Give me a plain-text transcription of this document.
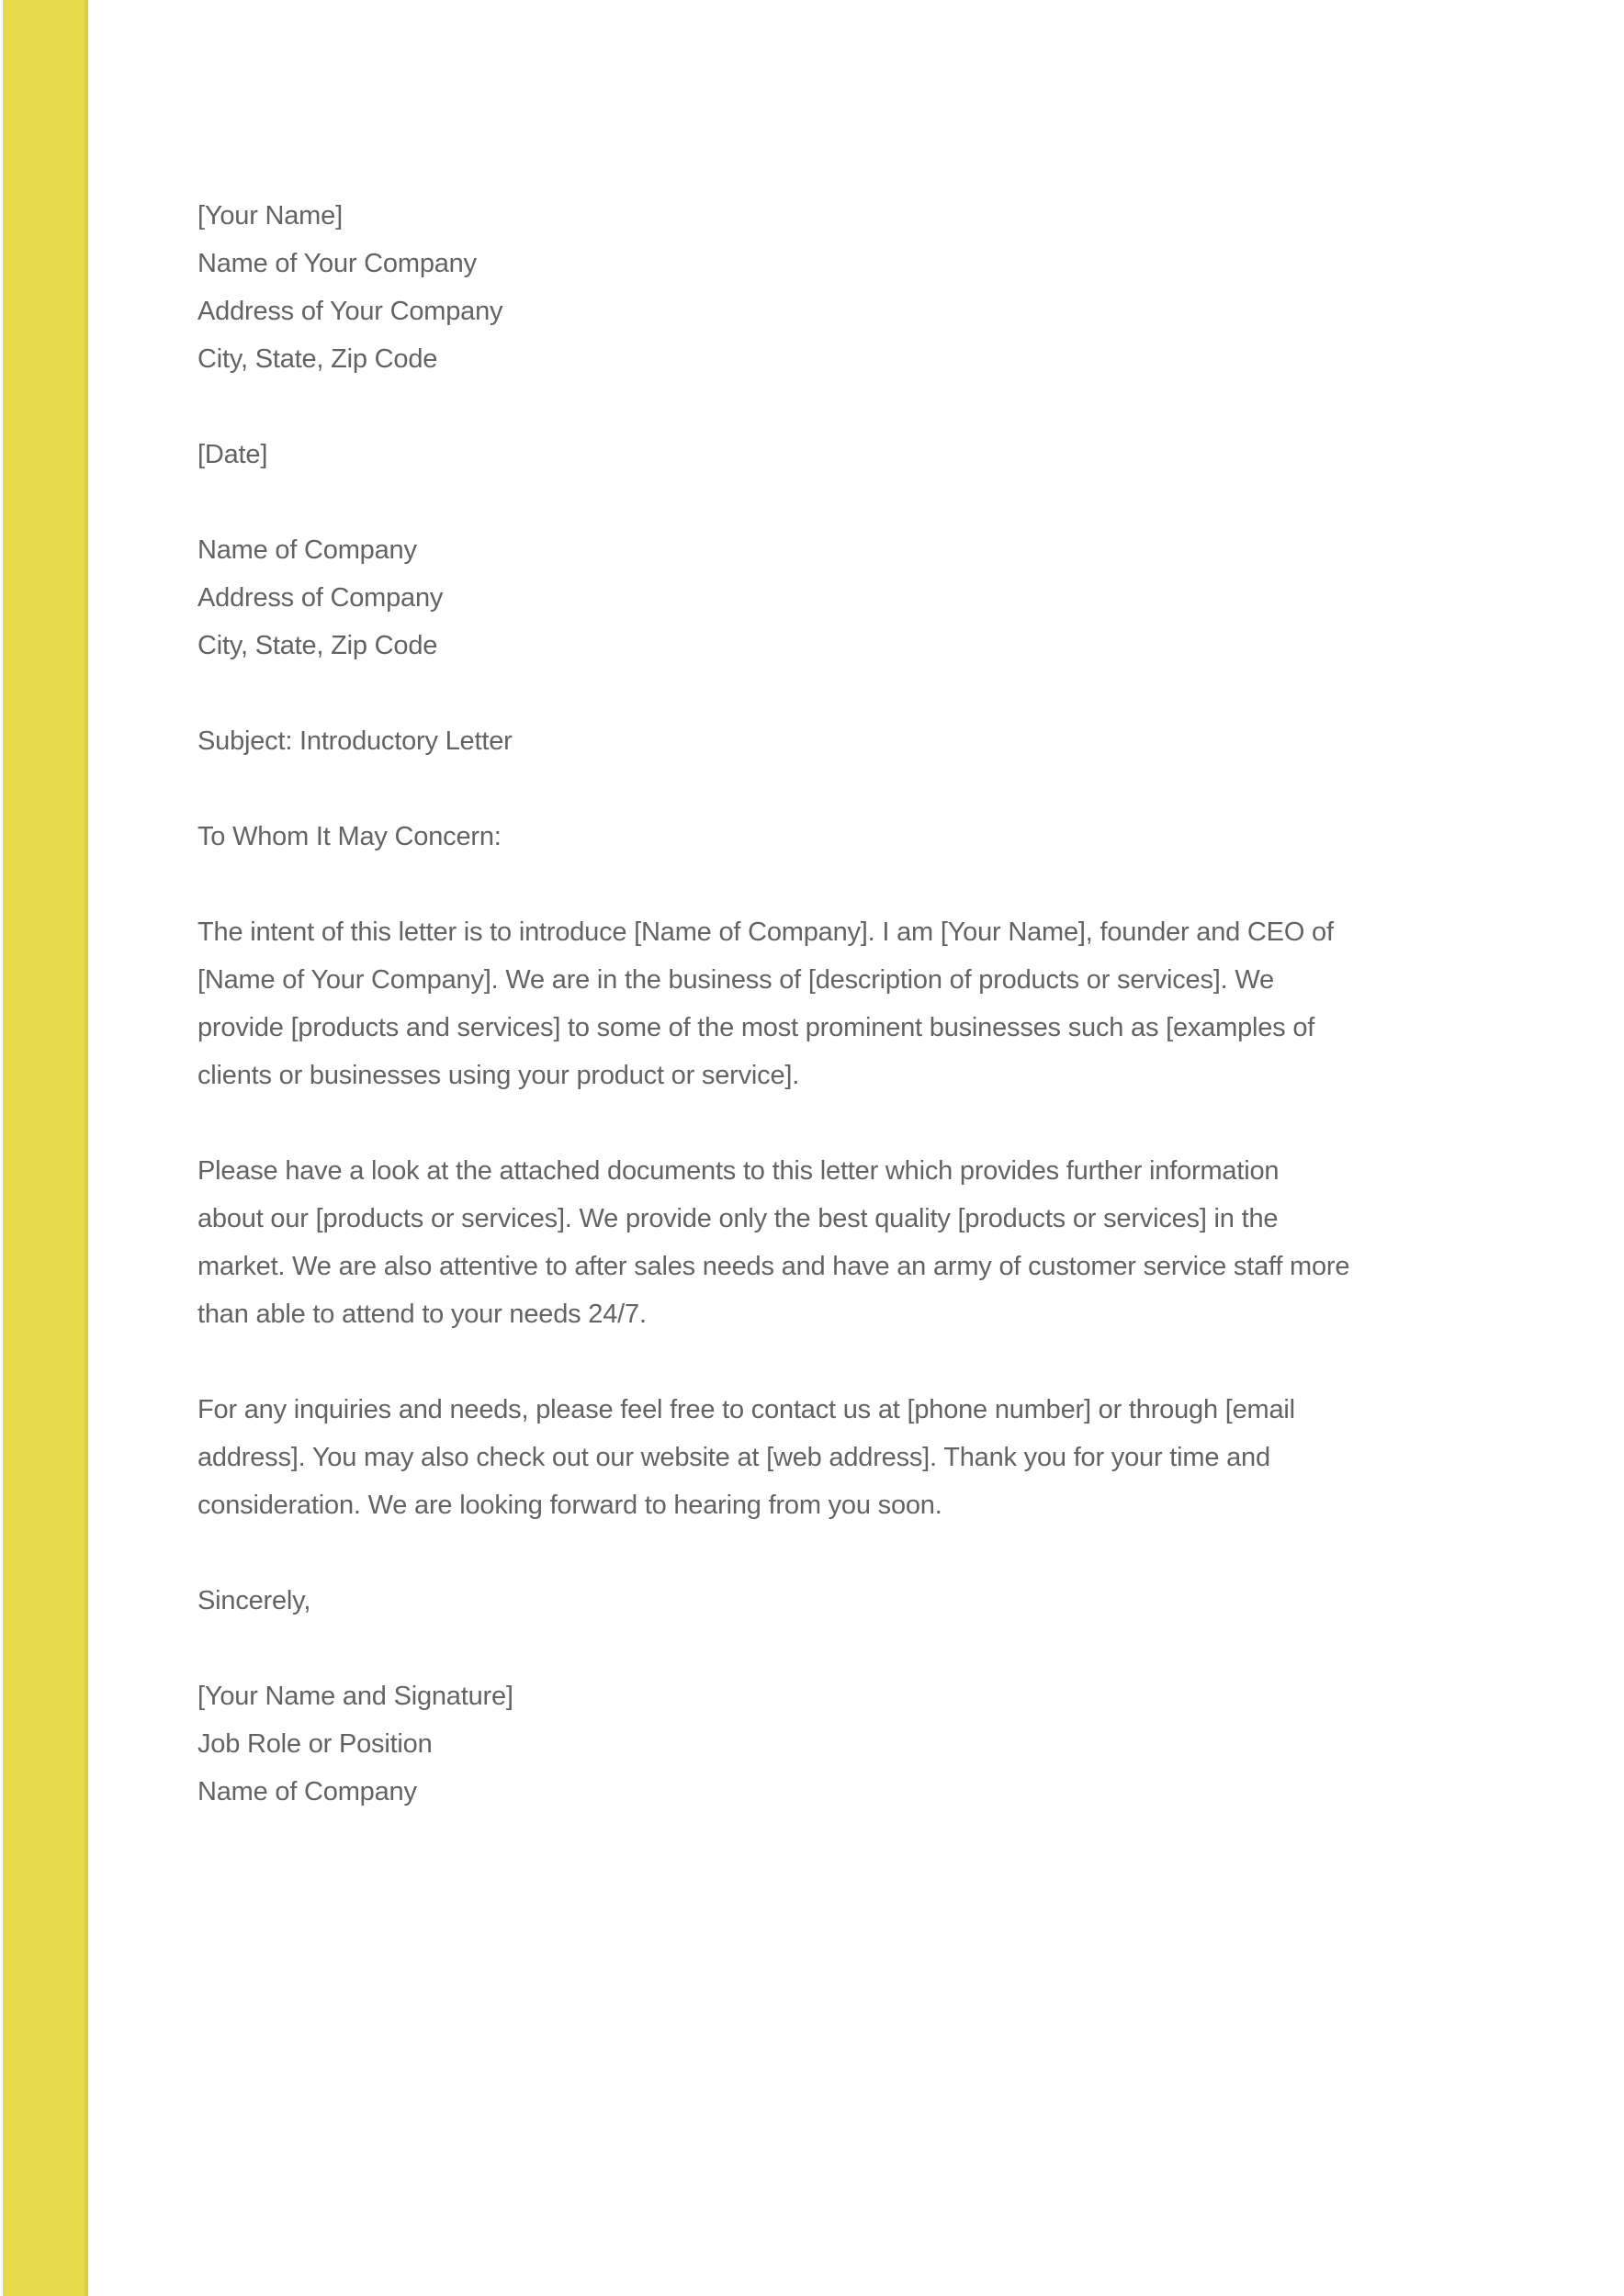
[Your Name]
Name of Your Company
Address of Your Company
City, State, Zip Code
[Date]
Name of Company
Address of Company
City, State, Zip Code
Subject: Introductory Letter
To Whom It May Concern:
The intent of this letter is to introduce [Name of Company]. I am [Your Name], founder and CEO of
[Name of Your Company]. We are in the business of [description of products or services]. We
provide [products and services] to some of the most prominent businesses such as [examples of
clients or businesses using your product or service].
Please have a look at the attached documents to this letter which provides further information
about our [products or services]. We provide only the best quality [products or services] in the
market. We are also attentive to after sales needs and have an army of customer service staff more
than able to attend to your needs 24/7.
For any inquiries and needs, please feel free to contact us at [phone number] or through [email
address]. You may also check out our website at [web address]. Thank you for your time and
consideration. We are looking forward to hearing from you soon.
Sincerely,
[Your Name and Signature]
Job Role or Position
Name of Company
